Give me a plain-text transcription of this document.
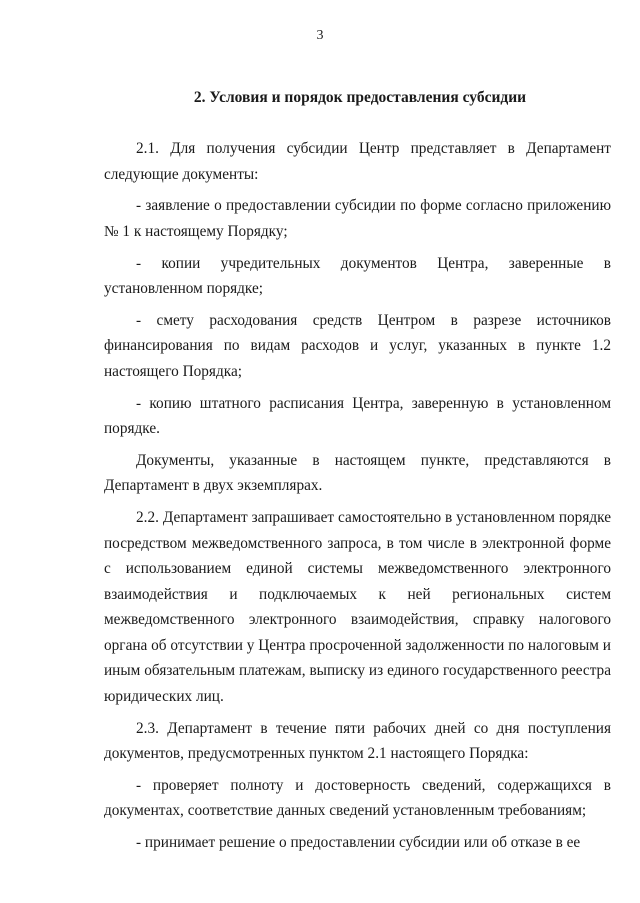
3
2. Условия и порядок предоставления субсидии

2.1. Для получения субсидии Центр представляет в Департамент следующие документы:

- заявление о предоставлении субсидии по форме согласно приложению № 1 к настоящему Порядку;

- копии учредительных документов Центра, заверенные в установленном порядке;

- смету расходования средств Центром в разрезе источников финансирования по видам расходов и услуг, указанных в пункте 1.2 настоящего Порядка;

- копию штатного расписания Центра, заверенную в установленном порядке.

Документы, указанные в настоящем пункте, представляются в Департамент в двух экземплярах.

2.2. Департамент запрашивает самостоятельно в установленном порядке посредством межведомственного запроса, в том числе в электронной форме с использованием единой системы межведомственного электронного взаимодействия и подключаемых к ней региональных систем межведомственного электронного взаимодействия, справку налогового органа об отсутствии у Центра просроченной задолженности по налоговым и иным обязательным платежам, выписку из единого государственного реестра юридических лиц.

2.3. Департамент в течение пяти рабочих дней со дня поступления документов, предусмотренных пунктом 2.1 настоящего Порядка:

- проверяет полноту и достоверность сведений, содержащихся в документах, соответствие данных сведений установленным требованиям;

- принимает решение о предоставлении субсидии или об отказе в ее
